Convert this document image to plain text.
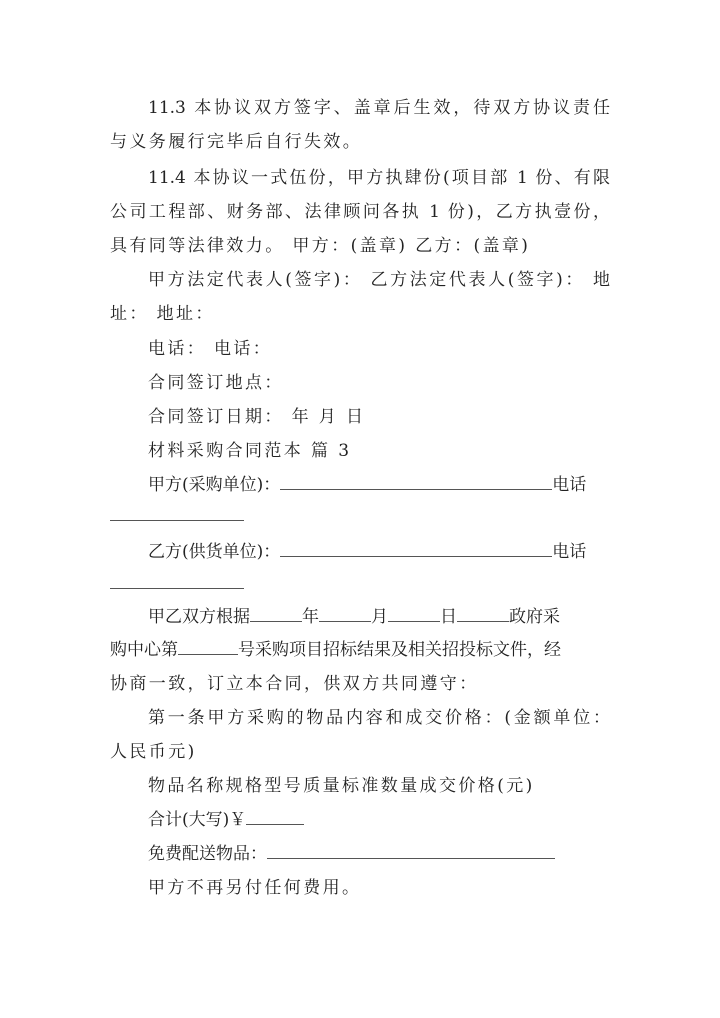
11.3 本协议双方签字、盖章后生效，待双方协议责任
与义务履行完毕后自行失效。
11.4 本协议一式伍份，甲方执肆份(项目部 1 份、有限
公司工程部、财务部、法律顾问各执 1 份)，乙方执壹份，
具有同等法律效力。 甲方：(盖章) 乙方：(盖章)
甲方法定代表人(签字)： 乙方法定代表人(签字)： 地
址： 地址：
电话： 电话：
合同签订地点：
合同签订日期： 年 月 日
材料采购合同范本 篇 3
甲方(采购单位)：	电话
乙方(供货单位)：	电话
甲乙双方根据	年	月	日	政府采
购中心第	号采购项目招标结果及相关招投标文件，经
协商一致，订立本合同，供双方共同遵守：
第一条甲方采购的物品内容和成交价格：(金额单位：
人民币元)
物品名称规格型号质量标准数量成交价格(元)
合计(大写)￥
免费配送物品：
甲方不再另付任何费用。
